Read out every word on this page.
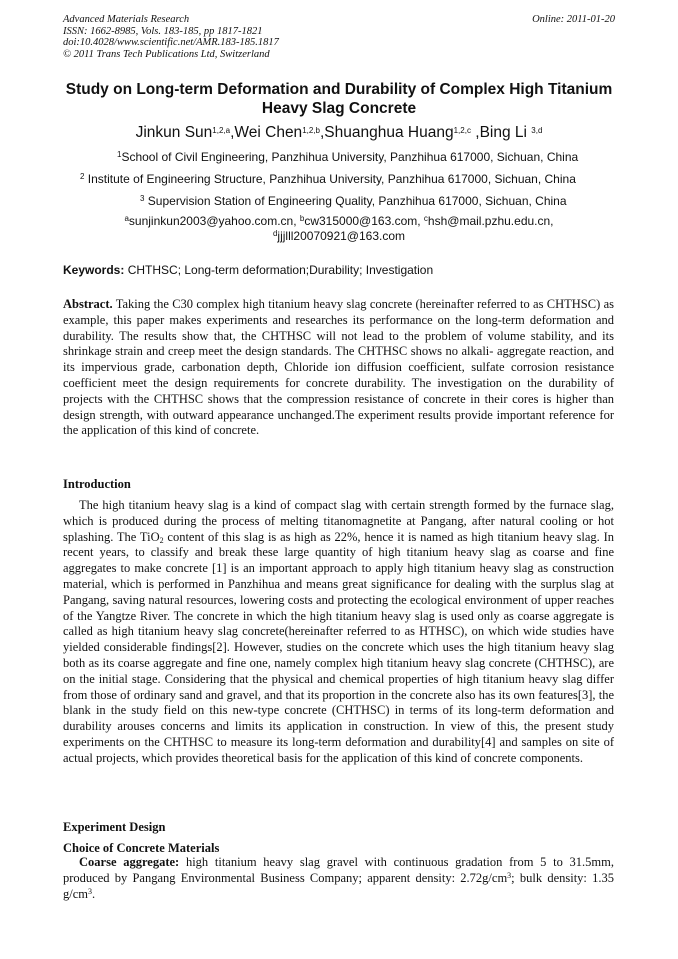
Advanced Materials Research
ISSN: 1662-8985, Vols. 183-185, pp 1817-1821
doi:10.4028/www.scientific.net/AMR.183-185.1817
© 2011 Trans Tech Publications Ltd, Switzerland
Online: 2011-01-20
Study on Long-term Deformation and Durability of Complex High Titanium Heavy Slag Concrete
Jinkun Sun$^{1,2,a}$,Wei Chen$^{1,2,b}$,Shuanghua Huang$^{1,2,c}$ ,Bing Li $^{3,d}$
$^1$School of Civil Engineering, Panzhihua University, Panzhihua 617000, Sichuan, China
$^2$ Institute of Engineering Structure, Panzhihua University, Panzhihua 617000, Sichuan, China
$^3$ Supervision Station of Engineering Quality, Panzhihua 617000, Sichuan, China
$^a$sunjinkun2003@yahoo.com.cn, $^b$cw315000@163.com, $^c$hsh@mail.pzhu.edu.cn,
$^d$jjjlll20070921@163.com
Keywords: CHTHSC; Long-term deformation;Durability; Investigation
Abstract. Taking the C30 complex high titanium heavy slag concrete (hereinafter referred to as CHTHSC) as example, this paper makes experiments and researches its performance on the long-term deformation and durability. The results show that, the CHTHSC will not lead to the problem of volume stability, and its shrinkage strain and creep meet the design standards. The CHTHSC shows no alkali- aggregate reaction, and its impervious grade, carbonation depth, Chloride ion diffusion coefficient, sulfate corrosion resistance coefficient meet the design requirements for concrete durability. The investigation on the durability of projects with the CHTHSC shows that the compression resistance of concrete in their cores is higher than design strength, with outward appearance unchanged.The experiment results provide important reference for the application of this kind of concrete.
Introduction

The high titanium heavy slag is a kind of compact slag with certain strength formed by the furnace slag, which is produced during the process of melting titanomagnetite at Pangang, after natural cooling or hot splashing. The TiO$_2$ content of this slag is as high as 22%, hence it is named as high titanium heavy slag. In recent years, to classify and break these large quantity of high titanium heavy slag as coarse and fine aggregates to make concrete [1] is an important approach to apply high titanium heavy slag as construction material, which is performed in Panzhihua and means great significance for dealing with the surplus slag at Pangang, saving natural resources, lowering costs and protecting the ecological environment of upper reaches of the Yangtze River. The concrete in which the high titanium heavy slag is used only as coarse aggregate is called as high titanium heavy slag concrete(hereinafter referred to as HTHSC), on which wide studies have yielded considerable findings[2]. However, studies on the concrete which uses the high titanium heavy slag both as its coarse aggregate and fine one, namely complex high titanium heavy slag concrete (CHTHSC), are on the initial stage. Considering that the physical and chemical properties of high titanium heavy slag differ from those of ordinary sand and gravel, and that its proportion in the concrete also has its own features[3], the blank in the study field on this new-type concrete (CHTHSC) in terms of its long-term deformation and durability arouses concerns and limits its application in construction. In view of this, the present study experiments on the CHTHSC to measure its long-term deformation and durability[4] and samples on site of actual projects, which provides theoretical basis for the application of this kind of concrete components.

Experiment Design
Choice of Concrete Materials

Coarse aggregate: high titanium heavy slag gravel with continuous gradation from 5 to 31.5mm, produced by Pangang Environmental Business Company; apparent density: $2.72g/cm^3$; bulk density: 1.35 $g/cm^3$.
